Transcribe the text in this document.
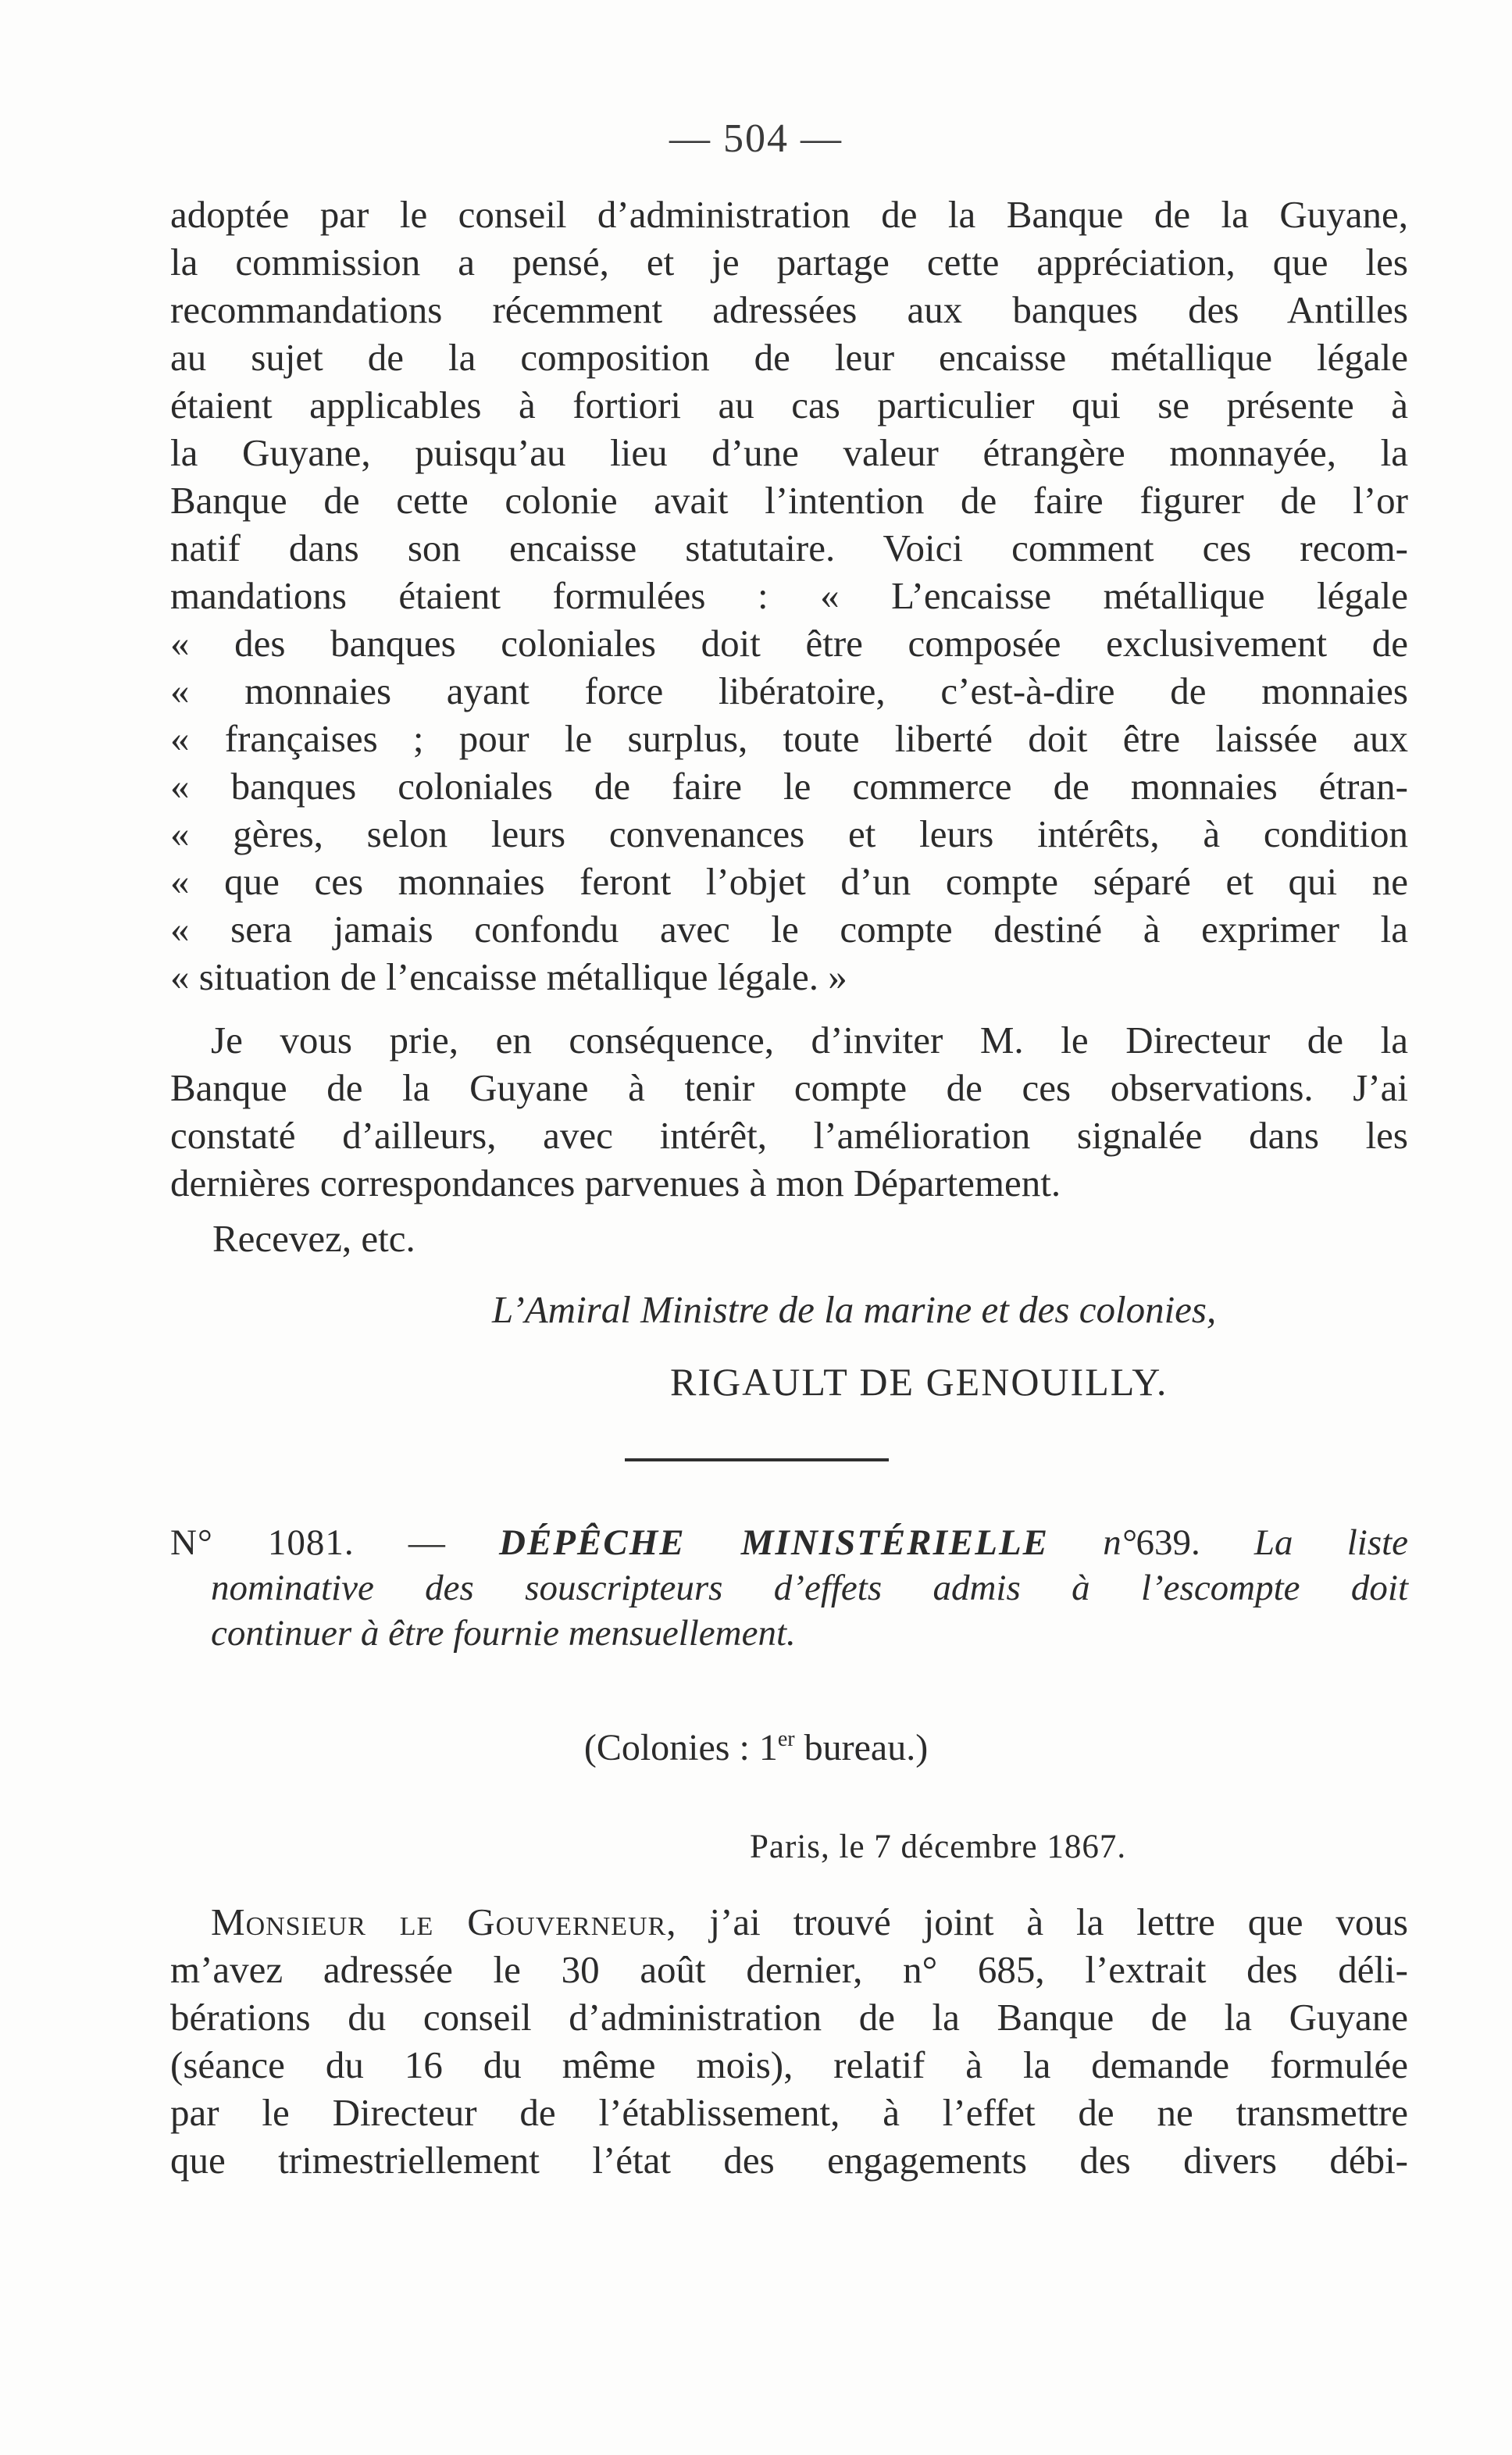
— 504 —
adoptée par le conseil d’administration de la Banque de la Guyane,
la commission a pensé, et je partage cette appréciation, que les
recommandations récemment adressées aux banques des Antilles
au sujet de la composition de leur encaisse métallique légale
étaient applicables à fortiori au cas particulier qui se présente à
la Guyane, puisqu’au lieu d’une valeur étrangère monnayée, la
Banque de cette colonie avait l’intention de faire figurer de l’or
natif dans son encaisse statutaire. Voici comment ces recom-
mandations étaient formulées : « L’encaisse métallique légale
« des banques coloniales doit être composée exclusivement de
« monnaies ayant force libératoire, c’est-à-dire de monnaies
« françaises ; pour le surplus, toute liberté doit être laissée aux
« banques coloniales de faire le commerce de monnaies étran-
« gères, selon leurs convenances et leurs intérêts, à condition
« que ces monnaies feront l’objet d’un compte séparé et qui ne
« sera jamais confondu avec le compte destiné à exprimer la
« situation de l’encaisse métallique légale. »
Je vous prie, en conséquence, d’inviter M. le Directeur de la
Banque de la Guyane à tenir compte de ces observations. J’ai
constaté d’ailleurs, avec intérêt, l’amélioration signalée dans les
dernières correspondances parvenues à mon Département.
Recevez, etc.
L’Amiral Ministre de la marine et des colonies,
RIGAULT DE GENOUILLY.
N° 1081. — DÉPÊCHE MINISTÉRIELLE n°639. La liste
nominative des souscripteurs d’effets admis à l’escompte doit
continuer à être fournie mensuellement.
(Colonies : 1er bureau.)
Paris, le 7 décembre 1867.
Monsieur le Gouverneur, j’ai trouvé joint à la lettre que vous
m’avez adressée le 30 août dernier, n° 685, l’extrait des déli-
bérations du conseil d’administration de la Banque de la Guyane
(séance du 16 du même mois), relatif à la demande formulée
par le Directeur de l’établissement, à l’effet de ne transmettre
que trimestriellement l’état des engagements des divers débi-
